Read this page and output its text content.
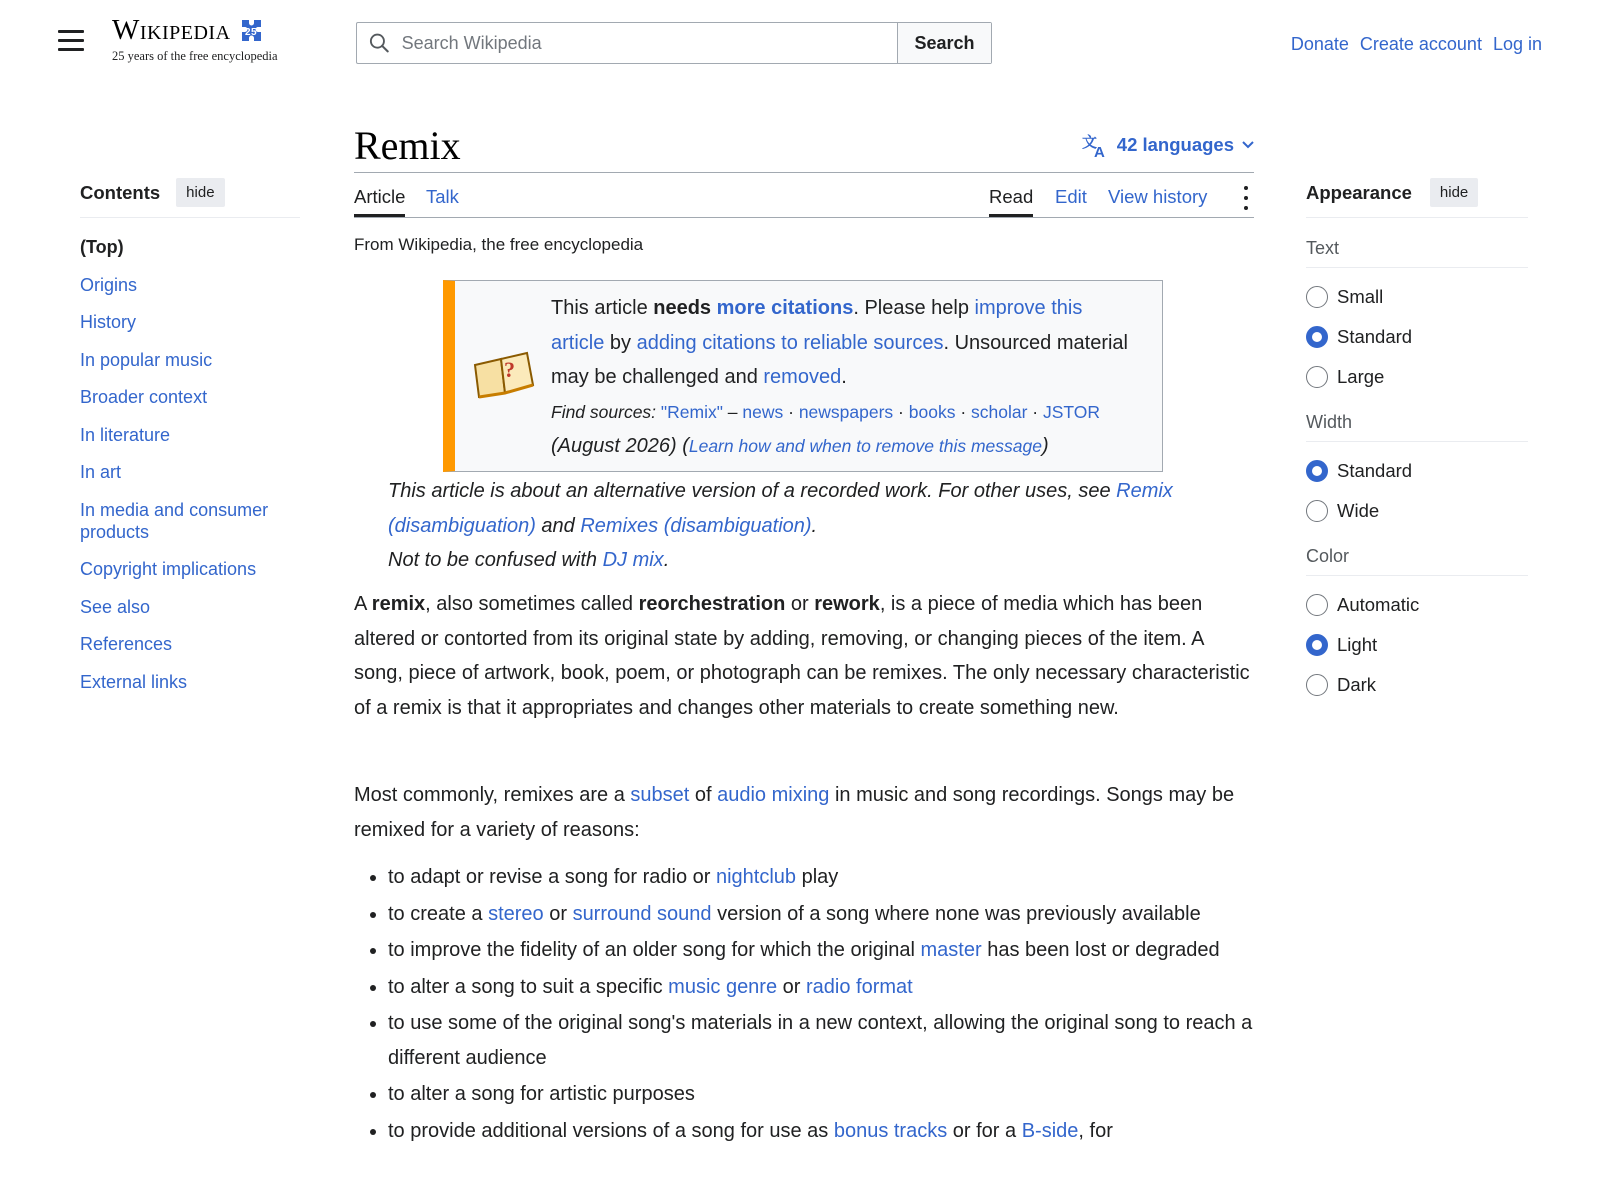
Wikipedia 25
25 years of the free encyclopedia
Search Wikipedia
Search	Donate Create account Log in
Contents	hide
(Top)
Origins
History
In popular music
Broader context
In literature
In art
In media and consumer products
Copyright implications
See also
References
External links
Remix	文
A 42 languages
Article Talk	Read Edit View history
From Wikipedia, the free encyclopedia
?
This article needs more citations. Please help improve this article by adding citations to reliable sources. Unsourced material may be challenged and removed.
Find sources: "Remix" – news · newspapers · books · scholar · JSTOR
(August 2026) (Learn how and when to remove this message)
This article is about an alternative version of a recorded work. For other uses, see Remix (disambiguation) and Remixes (disambiguation).
Not to be confused with DJ mix.
A remix, also sometimes called reorchestration or rework, is a piece of media which has been altered or contorted from its original state by adding, removing, or changing pieces of the item. A song, piece of artwork, book, poem, or photograph can be remixes. The only necessary characteristic of a remix is that it appropriates and changes other materials to create something new.
Most commonly, remixes are a subset of audio mixing in music and song recordings. Songs may be remixed for a variety of reasons:
• to adapt or revise a song for radio or nightclub play
• to create a stereo or surround sound version of a song where none was previously available
• to improve the fidelity of an older song for which the original master has been lost or degraded
• to alter a song to suit a specific music genre or radio format
• to use some of the original song's materials in a new context, allowing the original song to reach a different audience
• to alter a song for artistic purposes
• to provide additional versions of a song for use as bonus tracks or for a B-side, for
Appearance	hide
Text
Small
Standard
Large
Width
Standard
Wide
Color
Automatic
Light
Dark
